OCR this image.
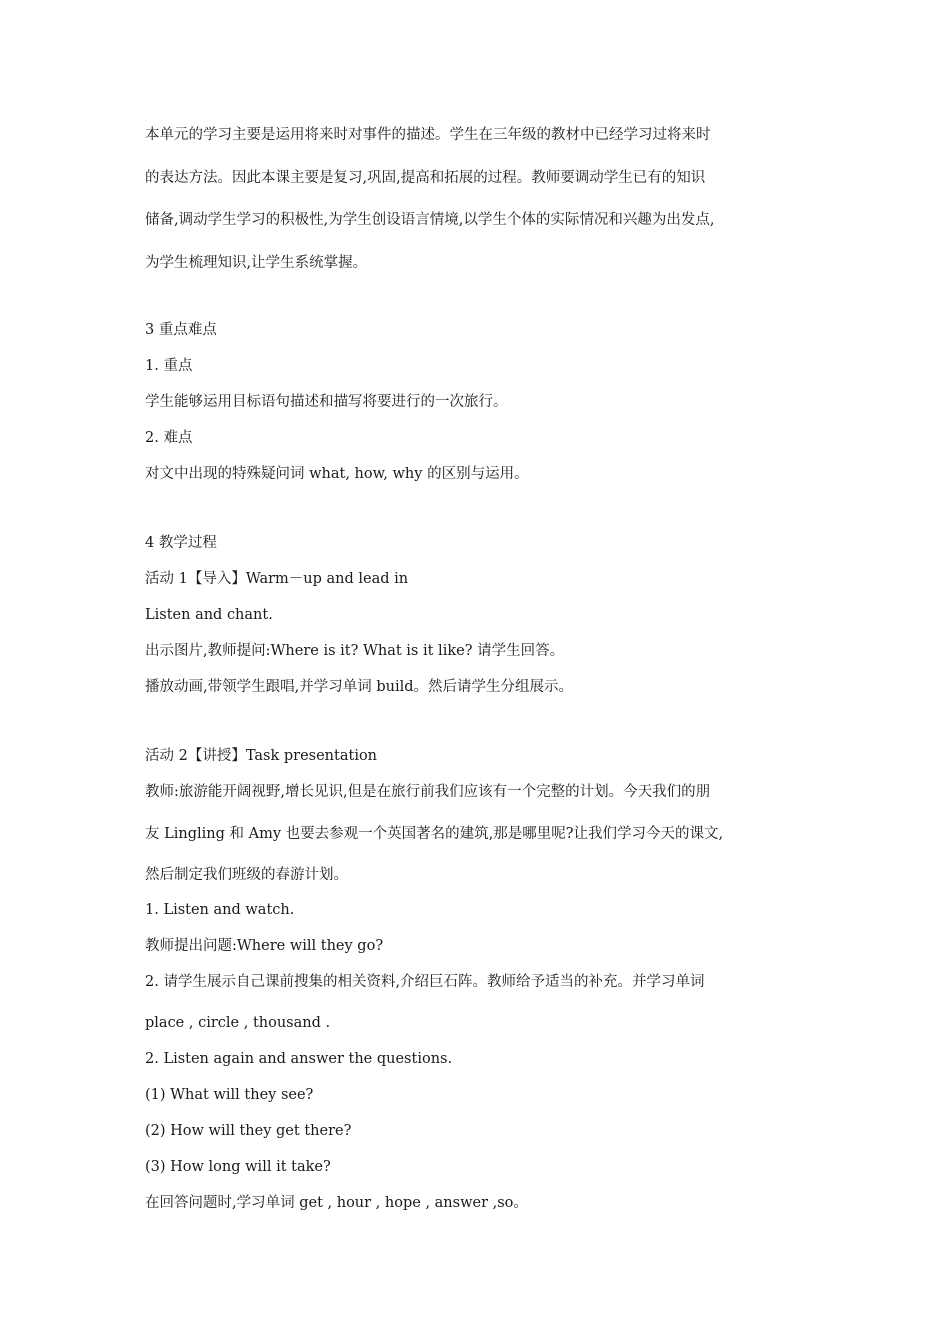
本单元的学习主要是运用将来时对事件的描述。学生在三年级的教材中已经学习过将来时
的表达方法。因此本课主要是复习,巩固,提高和拓展的过程。教师要调动学生已有的知识
储备,调动学生学习的积极性,为学生创设语言情境,以学生个体的实际情况和兴趣为出发点,
为学生梳理知识,让学生系统掌握。
3 重点难点
1. 重点
学生能够运用目标语句描述和描写将要进行的一次旅行。
2. 难点
对文中出现的特殊疑问词 what, how, why 的区别与运用。
4 教学过程
活动 1【导入】Warm－up and lead in
Listen and chant.
出示图片,教师提问:Where is it? What is it like? 请学生回答。
播放动画,带领学生跟唱,并学习单词 build。然后请学生分组展示。
活动 2【讲授】Task presentation
教师:旅游能开阔视野,增长见识,但是在旅行前我们应该有一个完整的计划。今天我们的朋
友 Lingling 和 Amy 也要去参观一个英国著名的建筑,那是哪里呢?让我们学习今天的课文,
然后制定我们班级的春游计划。
1. Listen and watch.
教师提出问题:Where will they go?
2. 请学生展示自己课前搜集的相关资料,介绍巨石阵。教师给予适当的补充。并学习单词
place , circle , thousand .
2. Listen again and answer the questions.
(1) What will they see?
(2) How will they get there?
(3) How long will it take?
在回答问题时,学习单词 get , hour , hope , answer ,so。
